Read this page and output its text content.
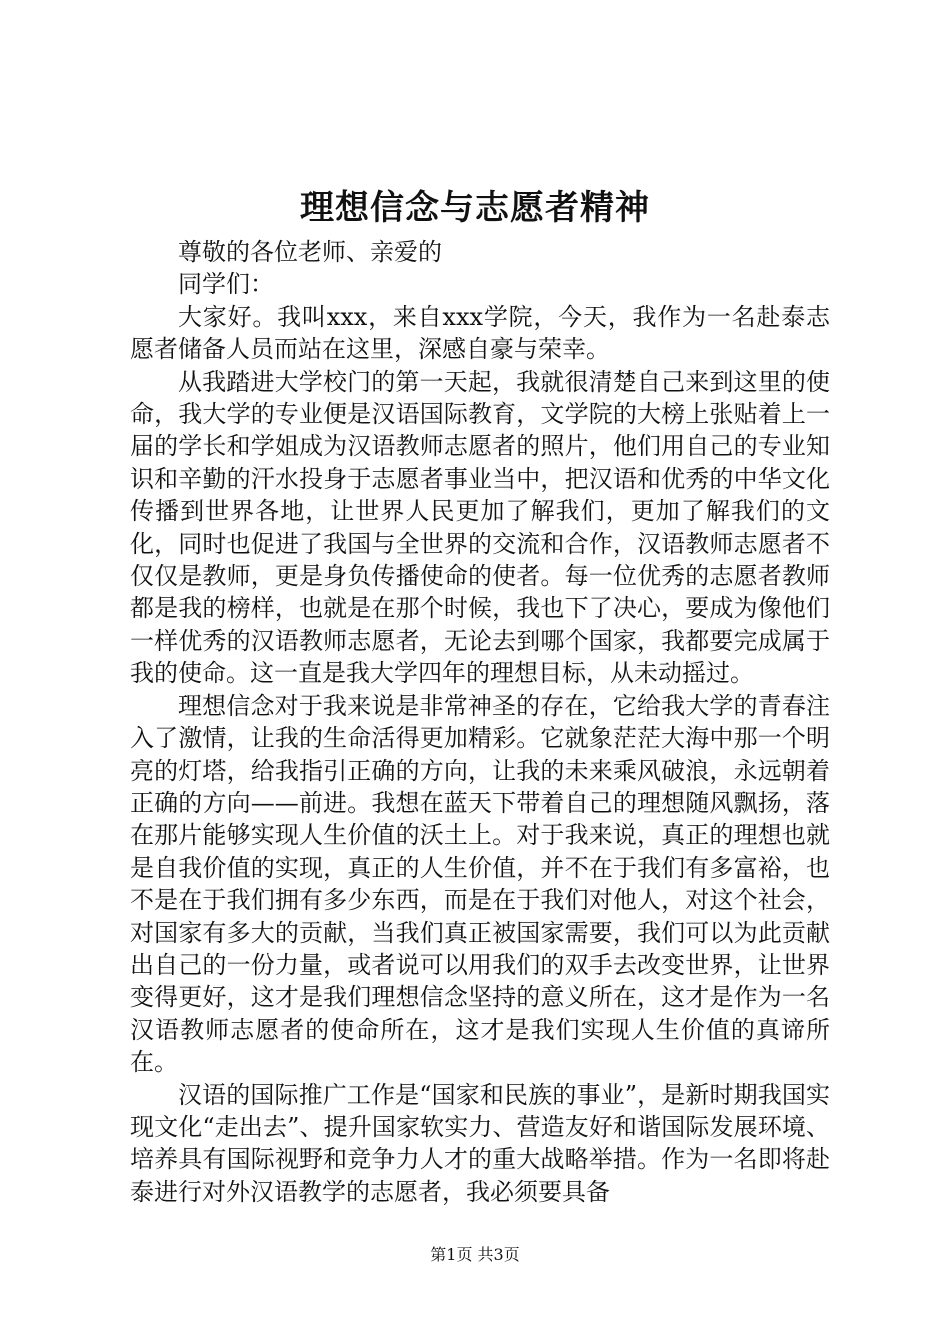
理想信念与志愿者精神

尊敬的各位老师、亲爱的

同学们：

大家好。我叫xxx，来自xxx学院，今天，我作为一名赴泰志愿者储备人员而站在这里，深感自豪与荣幸。

从我踏进大学校门的第一天起，我就很清楚自己来到这里的使命，我大学的专业便是汉语国际教育，文学院的大榜上张贴着上一届的学长和学姐成为汉语教师志愿者的照片，他们用自己的专业知识和辛勤的汗水投身于志愿者事业当中，把汉语和优秀的中华文化传播到世界各地，让世界人民更加了解我们，更加了解我们的文化，同时也促进了我国与全世界的交流和合作，汉语教师志愿者不仅仅是教师，更是身负传播使命的使者。每一位优秀的志愿者教师都是我的榜样，也就是在那个时候，我也下了决心，要成为像他们一样优秀的汉语教师志愿者，无论去到哪个国家，我都要完成属于我的使命。这一直是我大学四年的理想目标，从未动摇过。

理想信念对于我来说是非常神圣的存在，它给我大学的青春注入了激情，让我的生命活得更加精彩。它就象茫茫大海中那一个明亮的灯塔，给我指引正确的方向，让我的未来乘风破浪，永远朝着正确的方向——前进。我想在蓝天下带着自己的理想随风飘扬，落在那片能够实现人生价值的沃土上。对于我来说，真正的理想也就是自我价值的实现，真正的人生价值，并不在于我们有多富裕，也不是在于我们拥有多少东西，而是在于我们对他人，对这个社会，对国家有多大的贡献，当我们真正被国家需要，我们可以为此贡献出自己的一份力量，或者说可以用我们的双手去改变世界，让世界变得更好，这才是我们理想信念坚持的意义所在，这才是作为一名汉语教师志愿者的使命所在，这才是我们实现人生价值的真谛所在。

汉语的国际推广工作是“国家和民族的事业”，是新时期我国实现文化“走出去”、提升国家软实力、营造友好和谐国际发展环境、培养具有国际视野和竞争力人才的重大战略举措。作为一名即将赴泰进行对外汉语教学的志愿者，我必须要具备

第1页 共3页
